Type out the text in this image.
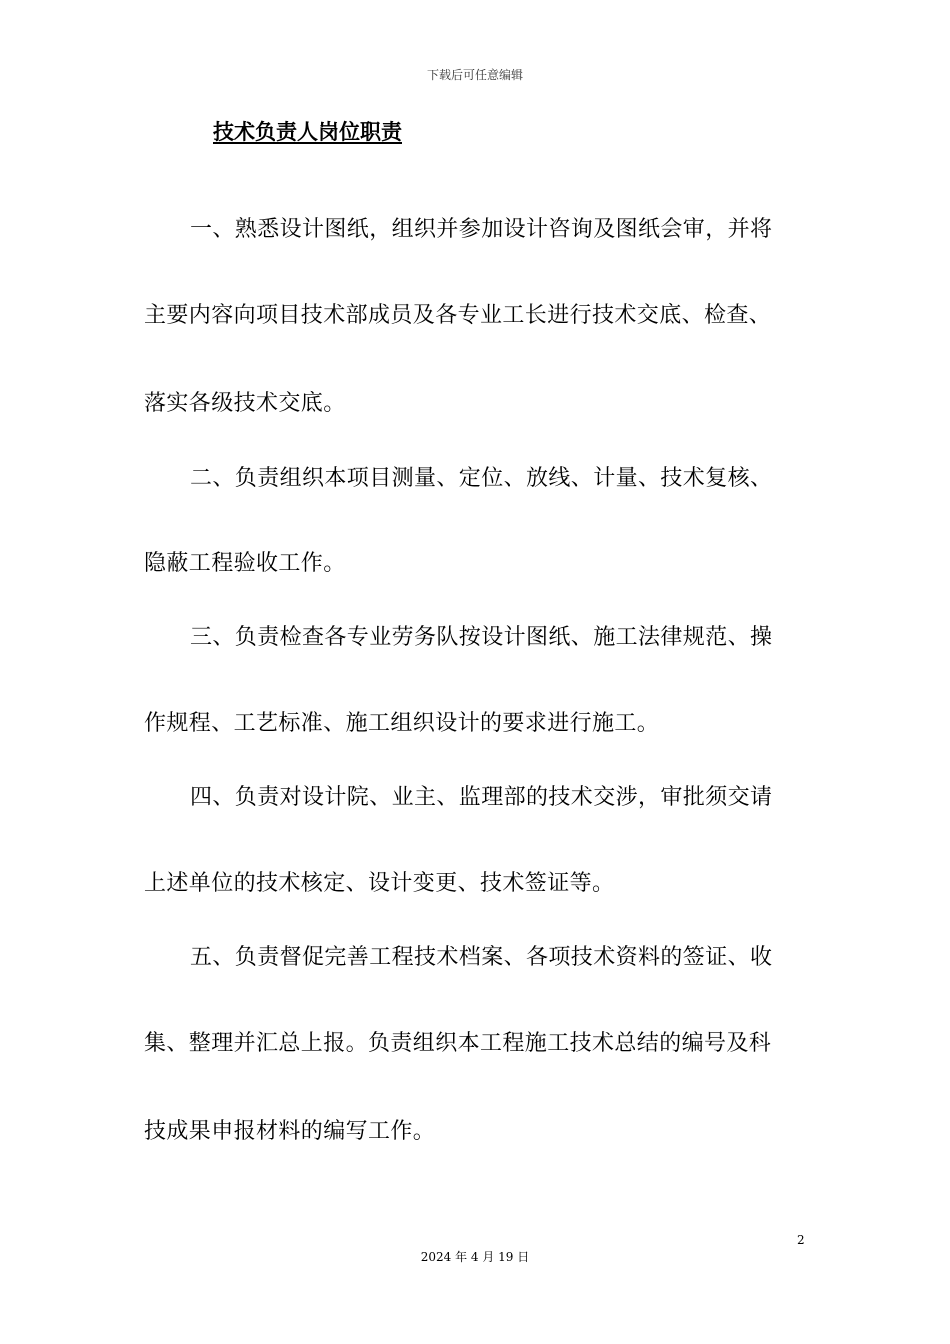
下载后可任意编辑
技术负责人岗位职责
一、熟悉设计图纸，组织并参加设计咨询及图纸会审，并将
主要内容向项目技术部成员及各专业工长进行技术交底、检查、
落实各级技术交底。
二、负责组织本项目测量、定位、放线、计量、技术复核、
隐蔽工程验收工作。
三、负责检查各专业劳务队按设计图纸、施工法律规范、操
作规程、工艺标准、施工组织设计的要求进行施工。
四、负责对设计院、业主、监理部的技术交涉，审批须交请
上述单位的技术核定、设计变更、技术签证等。
五、负责督促完善工程技术档案、各项技术资料的签证、收
集、整理并汇总上报。负责组织本工程施工技术总结的编号及科
技成果申报材料的编写工作。
2
2024 年 4 月 19 日
